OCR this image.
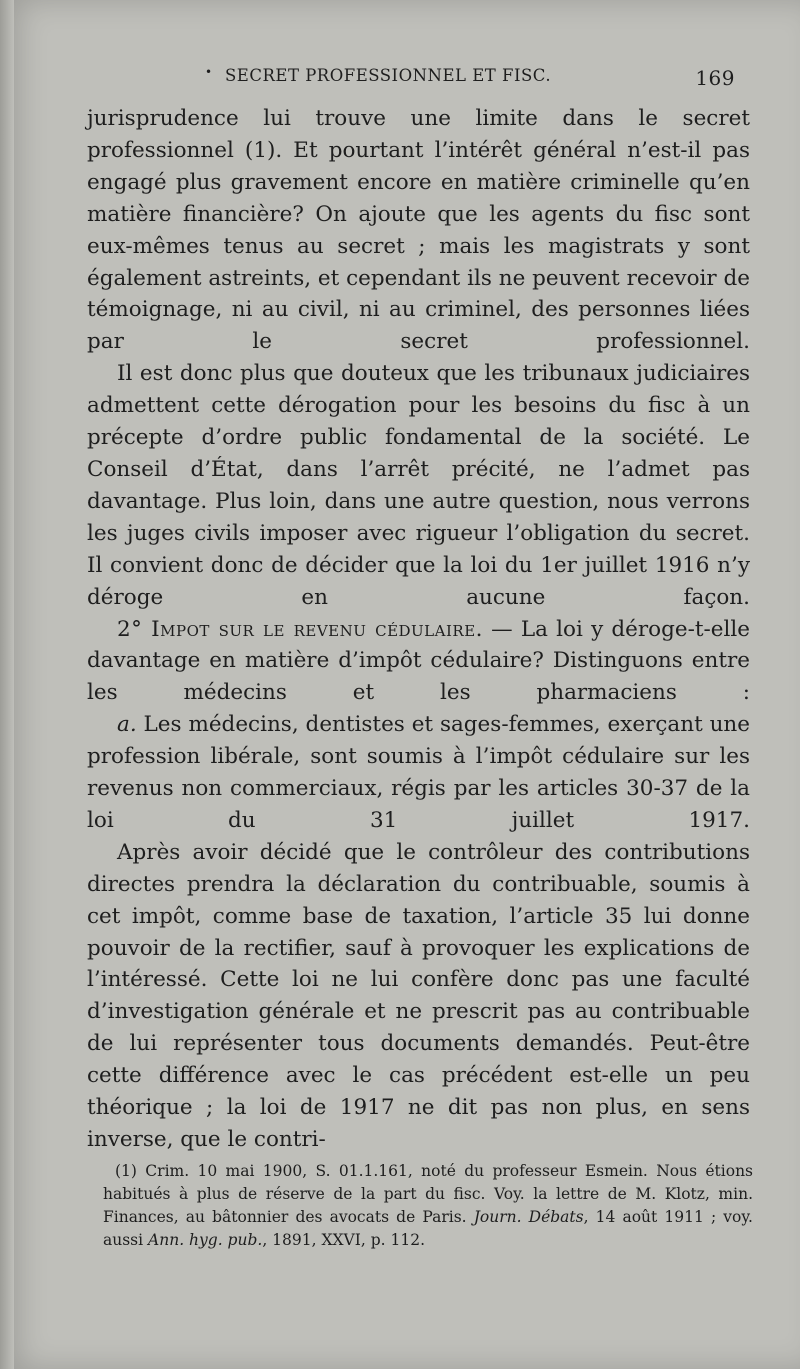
• SECRET PROFESSIONNEL ET FISC.	169

jurisprudence lui trouve une limite dans le secret professionnel (1). Et pourtant l’intérêt général n’est-il pas engagé plus gravement encore en matière criminelle qu’en matière financière? On ajoute que les agents du fisc sont eux-mêmes tenus au secret ; mais les magistrats y sont également astreints, et cependant ils ne peuvent recevoir de témoignage, ni au civil, ni au criminel, des personnes liées par le secret professionnel.

Il est donc plus que douteux que les tribunaux judiciaires admettent cette dérogation pour les besoins du fisc à un précepte d’ordre public fondamental de la société. Le Conseil d’État, dans l’arrêt précité, ne l’admet pas davantage. Plus loin, dans une autre question, nous verrons les juges civils imposer avec rigueur l’obligation du secret. Il convient donc de décider que la loi du 1er juillet 1916 n’y déroge en aucune façon.

2° Impot sur le revenu cédulaire. — La loi y déroge-t-elle davantage en matière d’impôt cédulaire? Distinguons entre les médecins et les pharmaciens :

a. Les médecins, dentistes et sages-femmes, exerçant une profession libérale, sont soumis à l’impôt cédulaire sur les revenus non commerciaux, régis par les articles 30-37 de la loi du 31 juillet 1917.

Après avoir décidé que le contrôleur des contributions directes prendra la déclaration du contribuable, soumis à cet impôt, comme base de taxation, l’article 35 lui donne pouvoir de la rectifier, sauf à provoquer les explications de l’intéressé. Cette loi ne lui confère donc pas une faculté d’investigation générale et ne prescrit pas au contribuable de lui représenter tous documents demandés. Peut-être cette différence avec le cas précédent est-elle un peu théorique ; la loi de 1917 ne dit pas non plus, en sens inverse, que le contri-

(1) Crim. 10 mai 1900, S. 01.1.161, noté du professeur Esmein. Nous étions habitués à plus de réserve de la part du fisc. Voy. la lettre de M. Klotz, min. Finances, au bâtonnier des avocats de Paris. Journ. Débats, 14 août 1911 ; voy. aussi Ann. hyg. pub., 1891, XXVI, p. 112.
